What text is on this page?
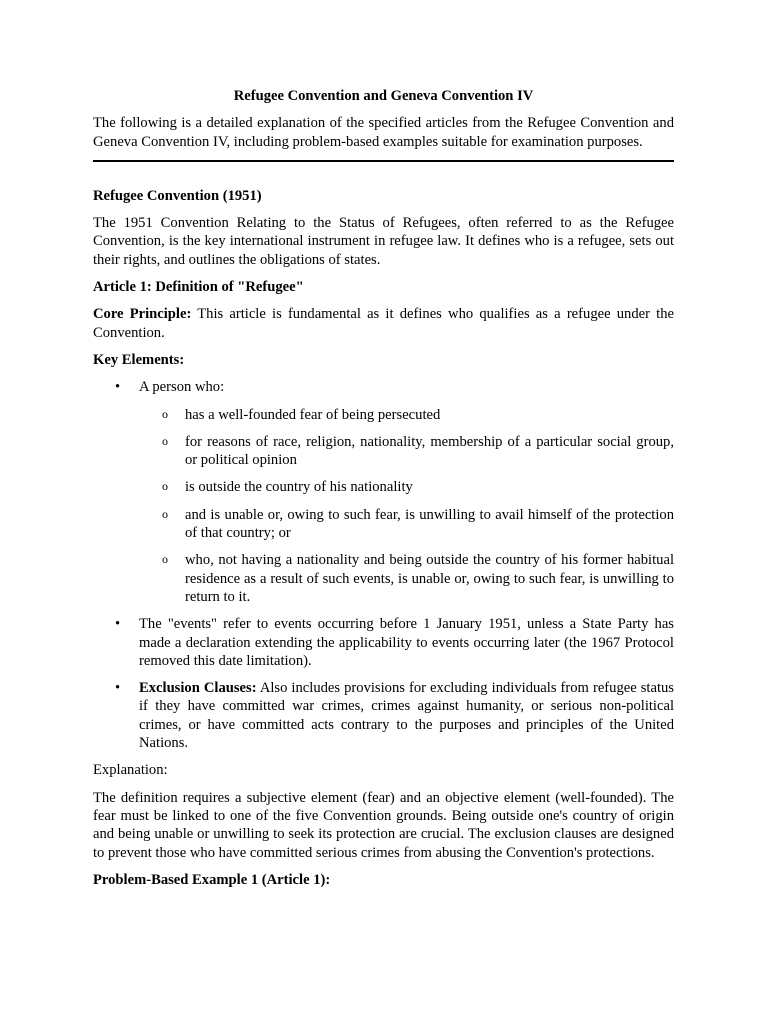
Refugee Convention and Geneva Convention IV

The following is a detailed explanation of the specified articles from the Refugee Convention and Geneva Convention IV, including problem-based examples suitable for examination purposes.

Refugee Convention (1951)

The 1951 Convention Relating to the Status of Refugees, often referred to as the Refugee Convention, is the key international instrument in refugee law. It defines who is a refugee, sets out their rights, and outlines the obligations of states.

Article 1: Definition of "Refugee"

Core Principle: This article is fundamental as it defines who qualifies as a refugee under the Convention.

Key Elements:

• A person who:
o has a well-founded fear of being persecuted
o for reasons of race, religion, nationality, membership of a particular social group, or political opinion
o is outside the country of his nationality
o and is unable or, owing to such fear, is unwilling to avail himself of the protection of that country; or
o who, not having a nationality and being outside the country of his former habitual residence as a result of such events, is unable or, owing to such fear, is unwilling to return to it.
• The "events" refer to events occurring before 1 January 1951, unless a State Party has made a declaration extending the applicability to events occurring later (the 1967 Protocol removed this date limitation).
• Exclusion Clauses: Also includes provisions for excluding individuals from refugee status if they have committed war crimes, crimes against humanity, or serious non-political crimes, or have committed acts contrary to the purposes and principles of the United Nations.

Explanation:

The definition requires a subjective element (fear) and an objective element (well-founded). The fear must be linked to one of the five Convention grounds. Being outside one's country of origin and being unable or unwilling to seek its protection are crucial. The exclusion clauses are designed to prevent those who have committed serious crimes from abusing the Convention's protections.

Problem-Based Example 1 (Article 1):
